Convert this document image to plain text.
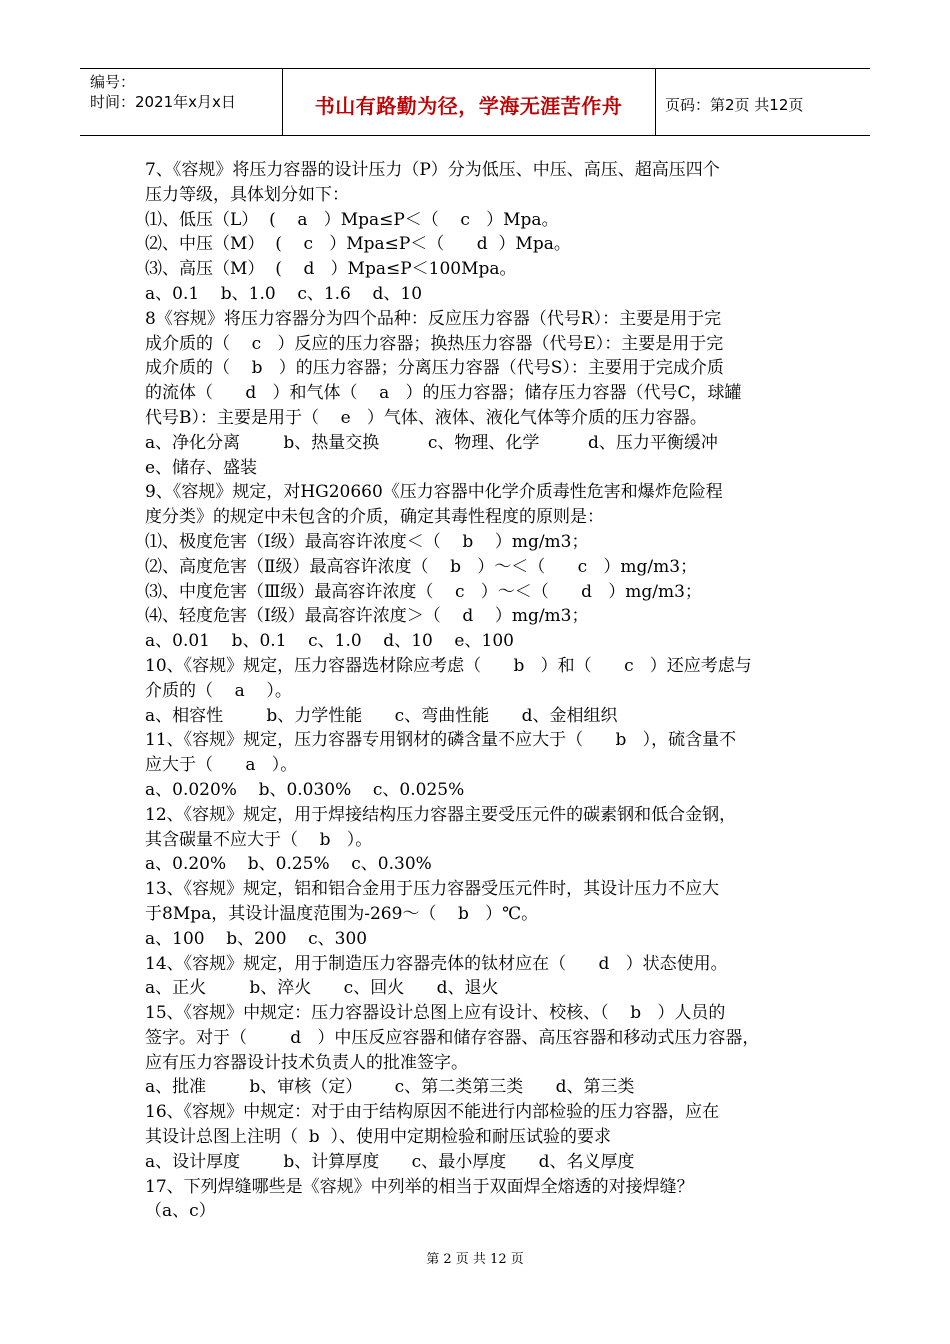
编号：
时间：2021年x月x日	书山有路勤为径，学海无涯苦作舟	页码：第2页 共12页

7、《容规》将压力容器的设计压力（P）分为低压、中压、高压、超高压四个

压力等级，具体划分如下：

⑴、低压（L）  (    a   ）Mpa≤P＜（    c   ）Mpa。

⑵、中压（M）  (    c   ）Mpa≤P＜（      d  ）Mpa。

⑶、高压（M）  (    d   ）Mpa≤P＜100Mpa。

a、0.1    b、1.0    c、1.6    d、10

8《容规》将压力容器分为四个品种：反应压力容器（代号R）：主要是用于完

成介质的（    c   ）反应的压力容器；换热压力容器（代号E）：主要是用于完

成介质的（    b   ）的压力容器；分离压力容器（代号S）：主要用于完成介质

的流体（      d   ）和气体（    a   ）的压力容器；储存压力容器（代号C，球罐

代号B）：主要是用于（    e   ）气体、液体、液化气体等介质的压力容器。

a、净化分离        b、热量交换         c、物理、化学         d、压力平衡缓冲

e、储存、盛装

9、《容规》规定，对HG20660《压力容器中化学介质毒性危害和爆炸危险程

度分类》的规定中未包含的介质，确定其毒性程度的原则是：

⑴、极度危害（Ⅰ级）最高容许浓度＜（    b    ）mg/m3；

⑵、高度危害（Ⅱ级）最高容许浓度（    b   ）～＜（      c   ）mg/m3；

⑶、中度危害（Ⅲ级）最高容许浓度（    c   ）～＜（      d   ）mg/m3；

⑷、轻度危害（Ⅰ级）最高容许浓度＞（    d    ）mg/m3；

a、0.01    b、0.1    c、1.0    d、10    e、100

10、《容规》规定，压力容器选材除应考虑（      b   ）和（      c   ）还应考虑与

介质的（    a    ）。

a、相容性        b、力学性能      c、弯曲性能      d、金相组织

11、《容规》规定，压力容器专用钢材的磷含量不应大于（      b   ），硫含量不

应大于（      a   ）。

a、0.020%    b、0.030%    c、0.025%

12、《容规》规定，用于焊接结构压力容器主要受压元件的碳素钢和低合金钢，

其含碳量不应大于（    b   ）。

a、0.20%    b、0.25%    c、0.30%

13、《容规》规定，铝和铝合金用于压力容器受压元件时，其设计压力不应大

于8Mpa，其设计温度范围为-269～（    b   ）℃。

a、100    b、200    c、300

14、《容规》规定，用于制造压力容器壳体的钛材应在（      d   ）状态使用。

a、正火        b、淬火      c、回火      d、退火

15、《容规》中规定：压力容器设计总图上应有设计、校核、（    b   ）人员的

签字。对于（        d   ）中压反应容器和储存容器、高压容器和移动式压力容器，

应有压力容器设计技术负责人的批准签字。

a、批准        b、审核（定）      c、第二类第三类      d、第三类

16、《容规》中规定：对于由于结构原因不能进行内部检验的压力容器，应在

其设计总图上注明（  b  ）、使用中定期检验和耐压试验的要求

a、设计厚度        b、计算厚度      c、最小厚度      d、名义厚度

17、下列焊缝哪些是《容规》中列举的相当于双面焊全熔透的对接焊缝？

（a、c）

第 2 页 共 12 页
